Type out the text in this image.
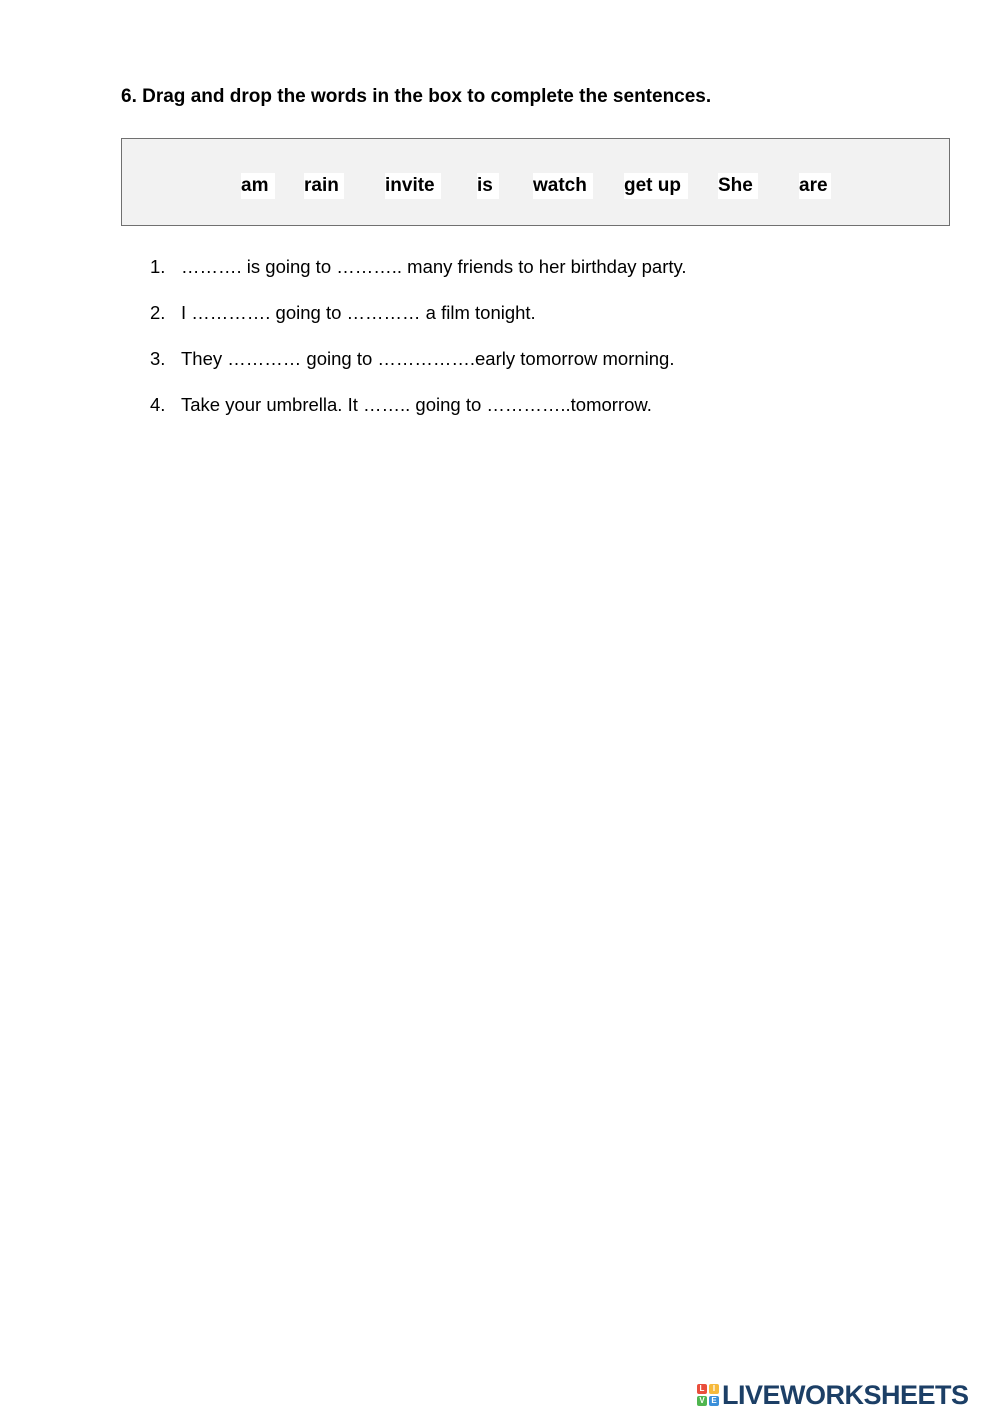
6. Drag and drop the words in the box to complete the sentences.

am	rain invite	is	watch	get up	She are
1. ………. is going to ……….. many friends to her birthday party.
2. I …………. going to ………… a film tonight.
3. They ………… going to …………….early tomorrow morning.
4. Take your umbrella. It …….. going to …………..tomorrow.
L	I
V E LIVEWORKSHEETS
